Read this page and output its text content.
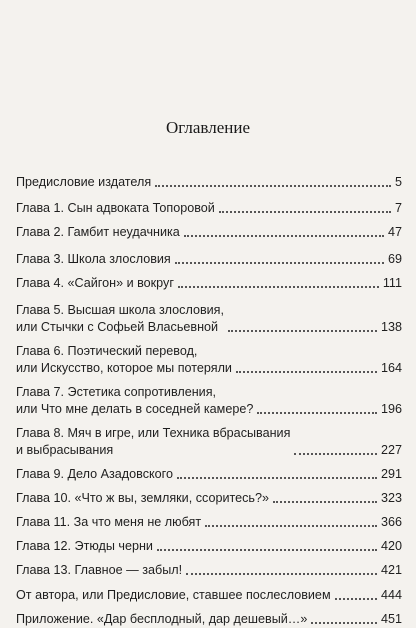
Оглавление
Предисловие издателя	5
Глава 1. Сын адвоката Топоровой	7
Глава 2. Гамбит неудачника	47
Глава 3. Школа злословия	69
Глава 4. «Сайгон» и вокруг	111
Глава 5. Высшая школа злословия,
или Стычки с Софьей Власьевной	138
Глава 6. Поэтический перевод,
или Искусство, которое мы потеряли	164
Глава 7. Эстетика сопротивления,
или Что мне делать в соседней камере?	196
Глава 8. Мяч в игре, или Техника вбрасывания
и выбрасывания	227
Глава 9. Дело Азадовского	291
Глава 10. «Что ж вы, земляки, ссоритесь?»	323
Глава 11. За что меня не любят	366
Глава 12. Этюды черни	420
Глава 13. Главное — забыл!	421
От автора, или Предисловие, ставшее послесловием	444
Приложение. «Дар бесплодный, дар дешевый…»	451
